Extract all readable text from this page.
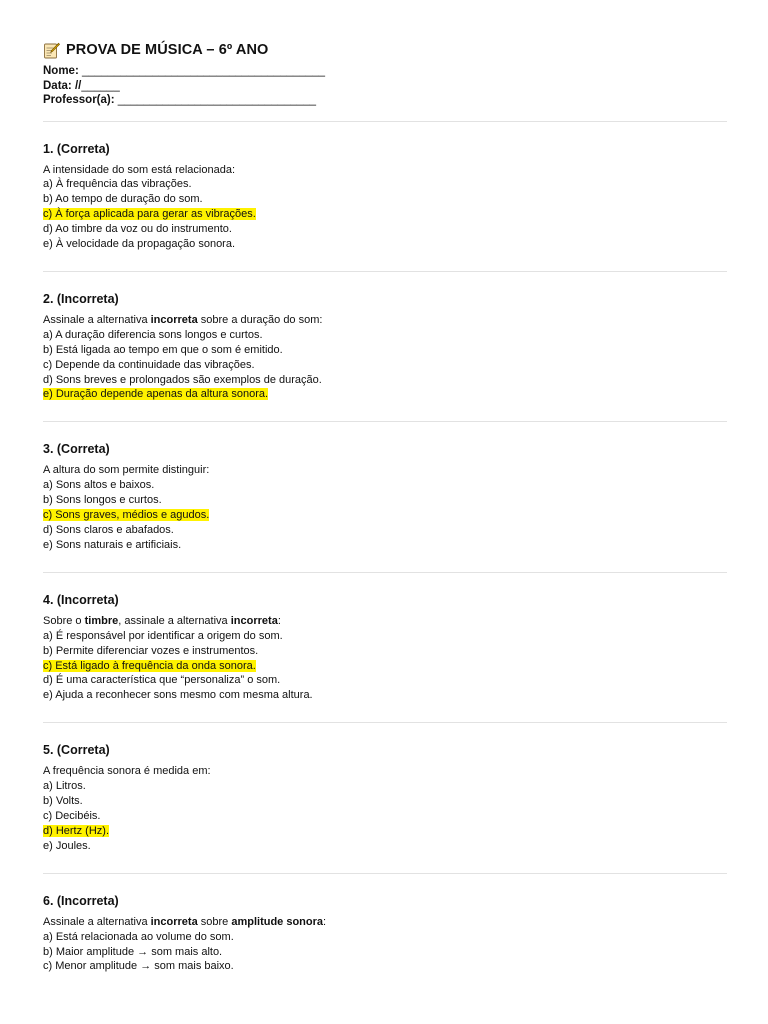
PROVA DE MÚSICA – 6º ANO
Nome: ______________________________________
Data: //______
Professor(a): _______________________________
1. (Correta)
A intensidade do som está relacionada:
a) À frequência das vibrações.
b) Ao tempo de duração do som.
c) À força aplicada para gerar as vibrações.
d) Ao timbre da voz ou do instrumento.
e) À velocidade da propagação sonora.
2. (Incorreta)
Assinale a alternativa incorreta sobre a duração do som:
a) A duração diferencia sons longos e curtos.
b) Está ligada ao tempo em que o som é emitido.
c) Depende da continuidade das vibrações.
d) Sons breves e prolongados são exemplos de duração.
e) Duração depende apenas da altura sonora.
3. (Correta)
A altura do som permite distinguir:
a) Sons altos e baixos.
b) Sons longos e curtos.
c) Sons graves, médios e agudos.
d) Sons claros e abafados.
e) Sons naturais e artificiais.
4. (Incorreta)
Sobre o timbre, assinale a alternativa incorreta:
a) É responsável por identificar a origem do som.
b) Permite diferenciar vozes e instrumentos.
c) Está ligado à frequência da onda sonora.
d) É uma característica que “personaliza” o som.
e) Ajuda a reconhecer sons mesmo com mesma altura.
5. (Correta)
A frequência sonora é medida em:
a) Litros.
b) Volts.
c) Decibéis.
d) Hertz (Hz).
e) Joules.
6. (Incorreta)
Assinale a alternativa incorreta sobre amplitude sonora:
a) Está relacionada ao volume do som.
b) Maior amplitude → som mais alto.
c) Menor amplitude → som mais baixo.
